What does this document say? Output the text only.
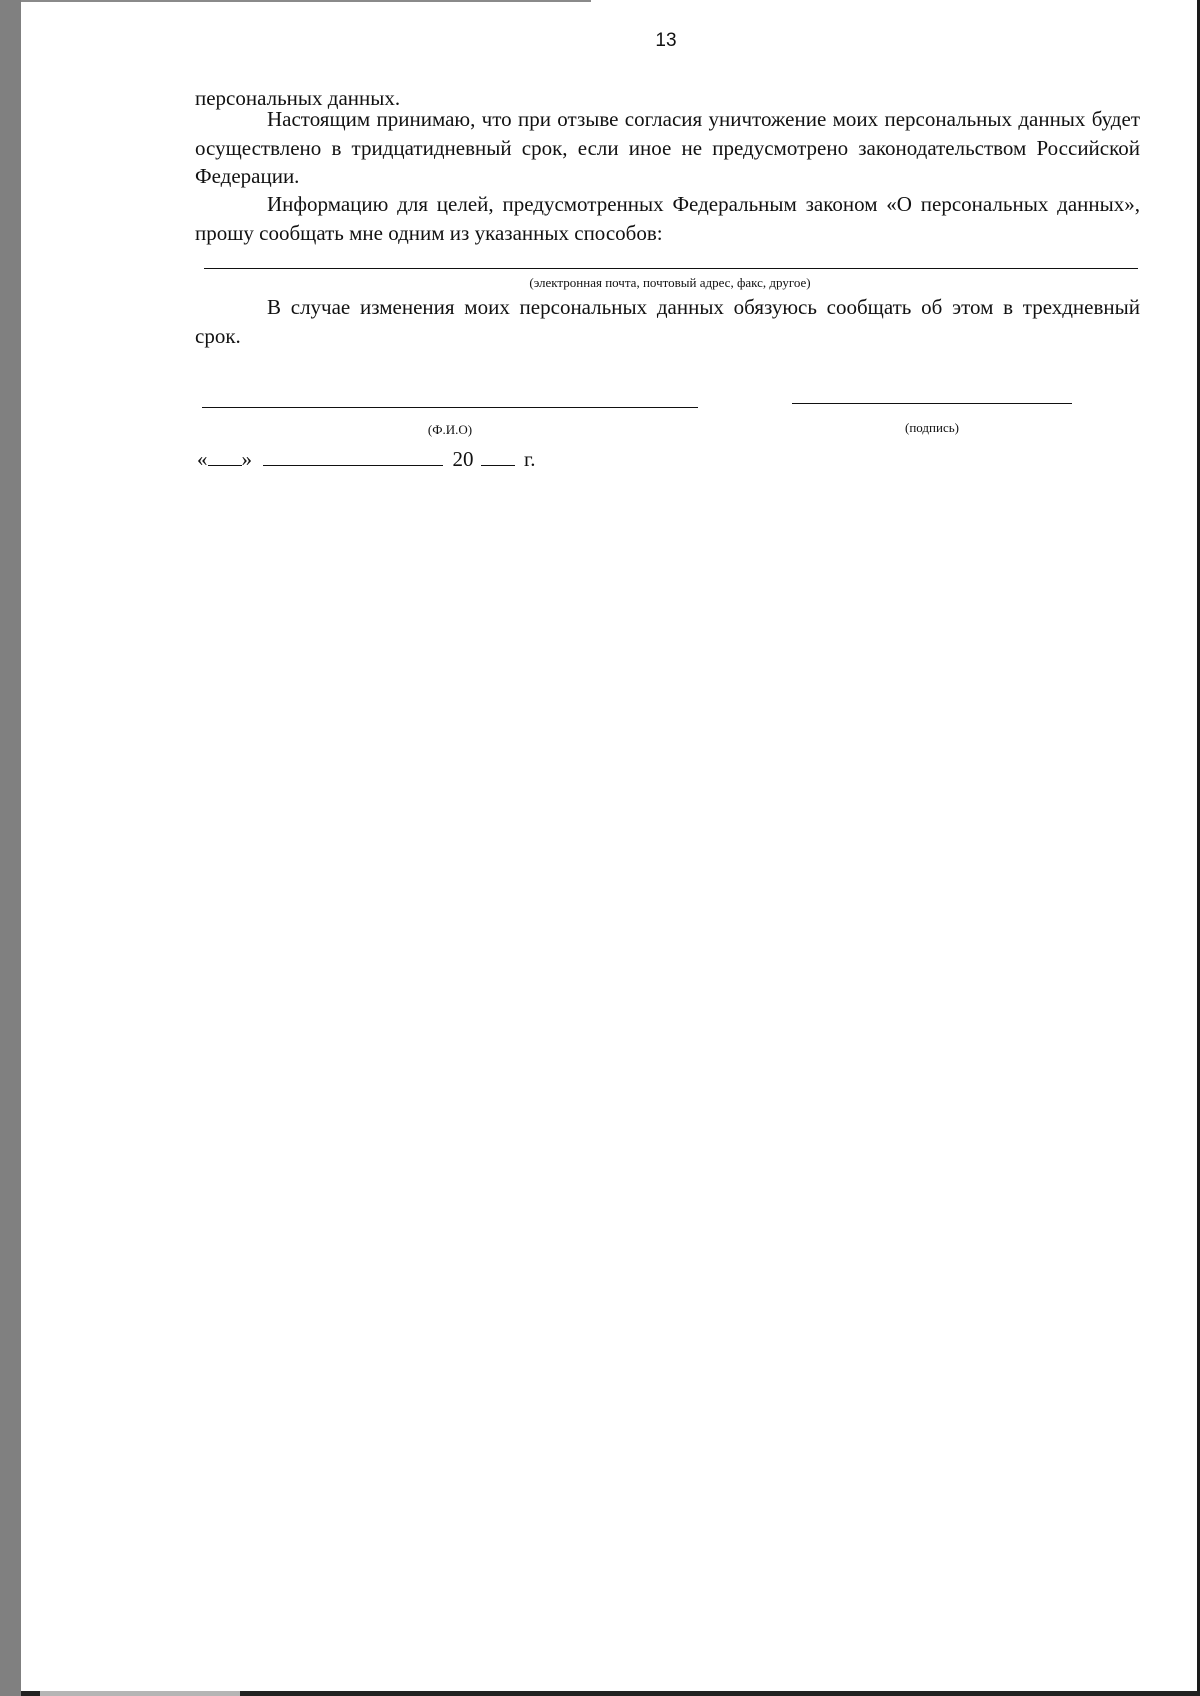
13
персональных данных.
Настоящим принимаю, что при отзыве согласия уничтожение моих персональных данных будет осуществлено в тридцатидневный срок, если иное не предусмотрено законодательством Российской Федерации.
Информацию для целей, предусмотренных Федеральным законом «О персональных данных», прошу сообщать мне одним из указанных способов:
(электронная почта, почтовый адрес, факс, другое)
В случае изменения моих персональных данных обязуюсь сообщать об этом в трехдневный срок.
(Ф.И.О)	(подпись)
« »	20 г.
